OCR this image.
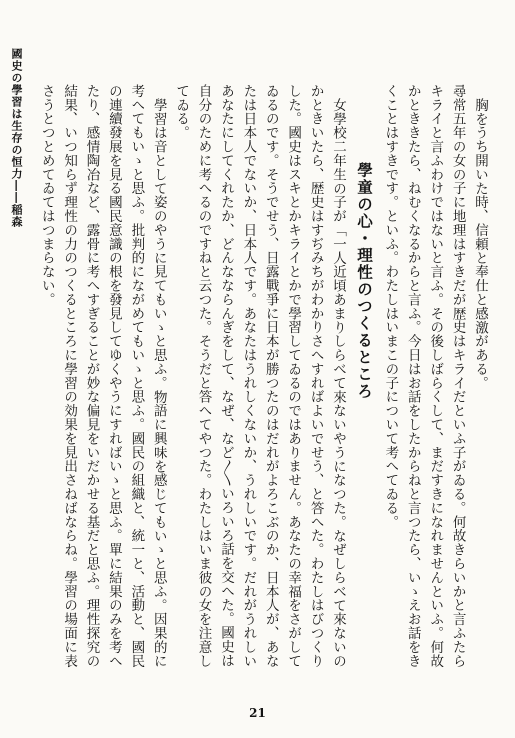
國史の學習は生存の恒力――稲森	胸をうち開いた時、信頼と奉仕と感激がある。

尋常五年の女の子に地理はすきだが歴史はキライだといふ子がゐる。何故きらいかと言ふたらキライと言ふわけではないと言ふ。その後しばらくして、まだすきになれませんといふ。何故かとききたら、ねむくなるからと言ふ。今日はお話をしたからねと言つたら、いゝえお話をきくことはすきです。といふ。わたしはいまこの子について考へてゐる。

學童の心・理性のつくるところ

女學校二年生の子が「一人近頃あまりしらべて來ないやうになつた。なぜしらべて來ないのかときいたら、歴史はすぢみちがわかりさへすればよいでせう、と答へた。わたしはびつくりした。國史はスキとかキライとかで學習してゐるのではありません。あなたの幸福をさがしてゐるのです。そうでせう、日露戰爭に日本が勝つたのはだれがよろこぶのか、日本人が、あなたは日本人でないか、日本人です。あなたはうれしくないか、うれしいです。だれがうれしいあなたにしてくれたか、どんなならんぎをして、なぜ、など〳〵いろいろ話を交へた。國史は自分のために考へるのですねと云つた。そうだと答へてやつた。わたしはいま彼の女を注意してゐる。

學習は音として姿のやうに見てもいゝと思ふ。物語に興味を感じてもいゝと思ふ。因果的に考へてもいゝと思ふ。批判的にながめてもいゝと思ふ。國民の組織と、統一と、活動と、國民の連續發展を見る國民意識の根を發見してゆくやうにすればいゝと思ふ。單に結果のみを考へたり、感情陶冶など、露骨に考へすぎることが妙な偏見をいだかせる基だと思ふ。理性探究の結果、いつ知らず理性の力のつくるところに學習の効果を見出さねばならね。學習の場面に表さうとつとめてゐてはつまらない。

21
